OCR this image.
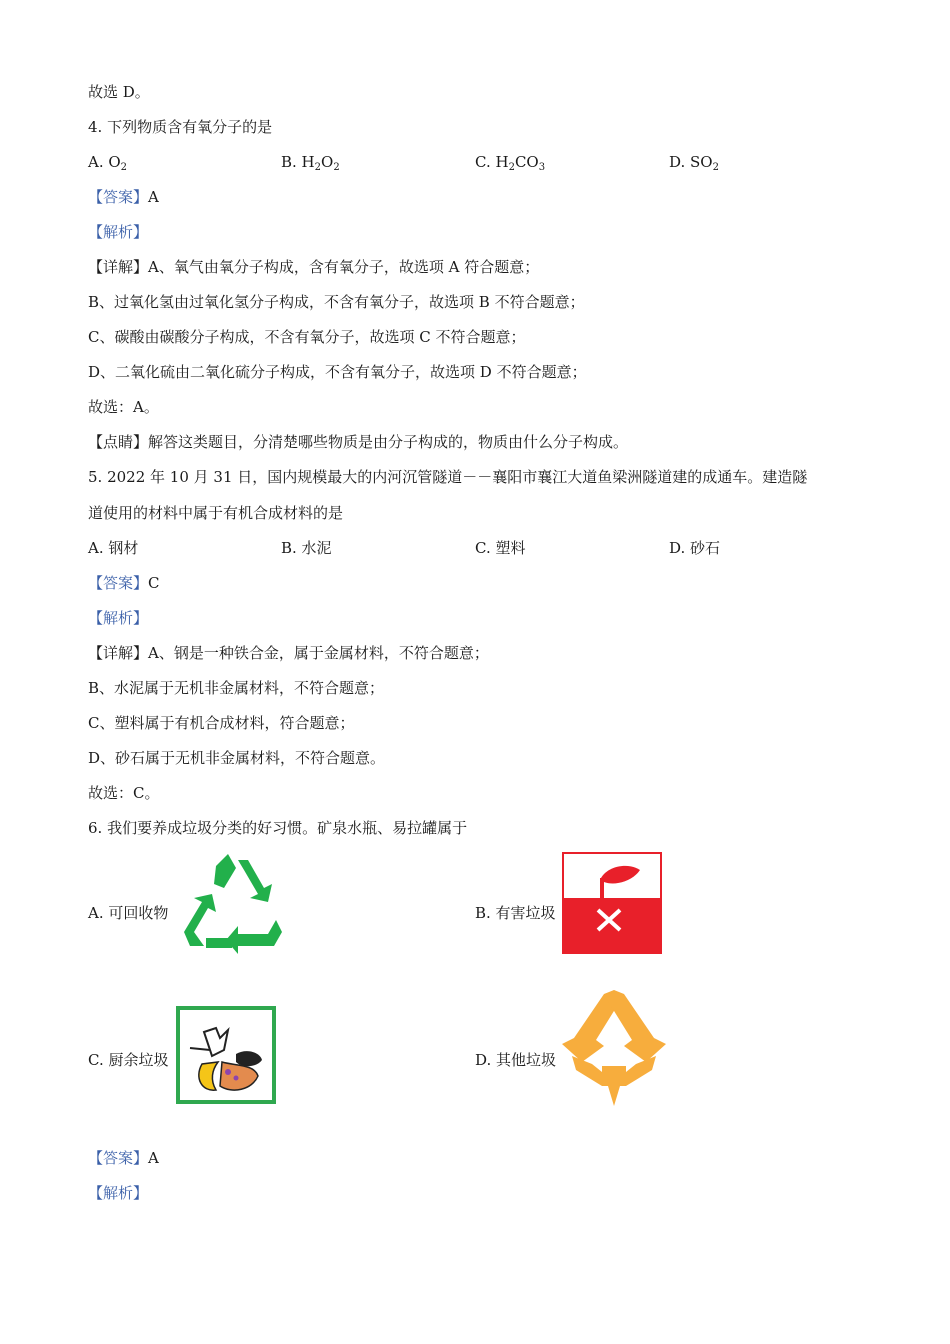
故选 D。
4. 下列物质含有氧分子的是
A. $O_2$	B. $H_2O_2$	C. $H_2CO_3$	D. $SO_2$
【答案】A
【解析】
【详解】A、氧气由氧分子构成，含有氧分子，故选项 A 符合题意；
B、过氧化氢由过氧化氢分子构成，不含有氧分子，故选项 B 不符合题意；
C、碳酸由碳酸分子构成，不含有氧分子，故选项 C 不符合题意；
D、二氧化硫由二氧化硫分子构成，不含有氧分子，故选项 D 不符合题意；
故选：A。
【点睛】解答这类题目，分清楚哪些物质是由分子构成的，物质由什么分子构成。
5. 2022 年 10 月 31 日，国内规模最大的内河沉管隧道－－襄阳市襄江大道鱼梁洲隧道建的成通车。建造隧
道使用的材料中属于有机合成材料的是
A. 钢材	B. 水泥	C. 塑料	D. 砂石
【答案】C
【解析】
【详解】A、钢是一种铁合金，属于金属材料，不符合题意；
B、水泥属于无机非金属材料，不符合题意；
C、塑料属于有机合成材料，符合题意；
D、砂石属于无机非金属材料，不符合题意。
故选：C。
6. 我们要养成垃圾分类的好习惯。矿泉水瓶、易拉罐属于
A. 可回收物	B. 有害垃圾
C. 厨余垃圾	D. 其他垃圾
【答案】A
【解析】
